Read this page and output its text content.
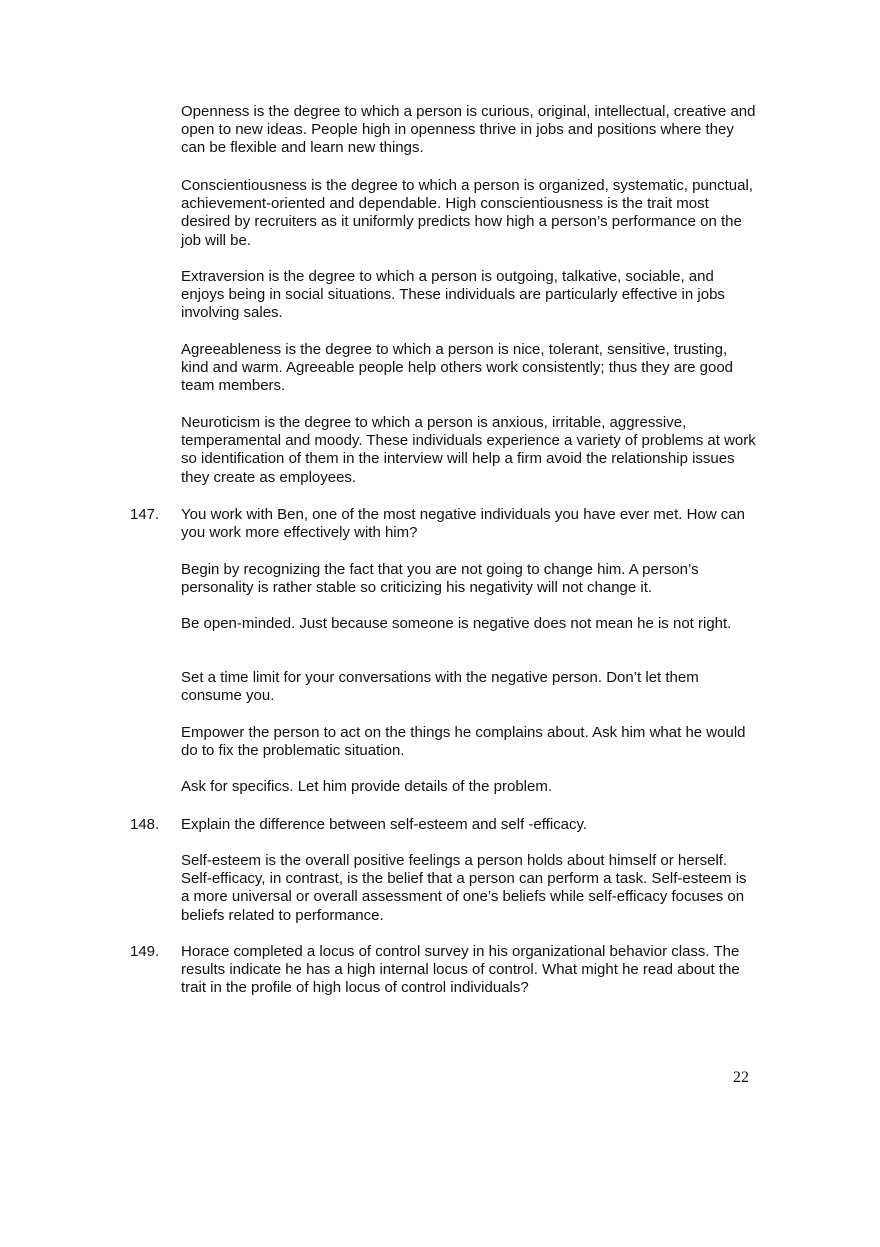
Openness is the degree to which a person is curious, original, intellectual, creative and open to new ideas. People high in openness thrive in jobs and positions where they can be flexible and learn new things.

Conscientiousness is the degree to which a person is organized, systematic, punctual, achievement-oriented and dependable. High conscientiousness is the trait most desired by recruiters as it uniformly predicts how high a person’s performance on the job will be.

Extraversion is the degree to which a person is outgoing, talkative, sociable, and enjoys being in social situations. These individuals are particularly effective in jobs involving sales.

Agreeableness is the degree to which a person is nice, tolerant, sensitive, trusting, kind and warm. Agreeable people help others work consistently; thus they are good team members.

Neuroticism is the degree to which a person is anxious, irritable, aggressive, temperamental and moody. These individuals experience a variety of problems at work so identification of them in the interview will help a firm avoid the relationship issues they create as employees.

147. You work with Ben, one of the most negative individuals you have ever met. How can you work more effectively with him?

Begin by recognizing the fact that you are not going to change him. A person’s personality is rather stable so criticizing his negativity will not change it.

Be open-minded. Just because someone is negative does not mean he is not right.

Set a time limit for your conversations with the negative person. Don’t let them consume you.

Empower the person to act on the things he complains about. Ask him what he would do to fix the problematic situation.

Ask for specifics. Let him provide details of the problem.

148. Explain the difference between self-esteem and self -efficacy.

Self-esteem is the overall positive feelings a person holds about himself or herself. Self-efficacy, in contrast, is the belief that a person can perform a task. Self-esteem is a more universal or overall assessment of one’s beliefs while self-efficacy focuses on beliefs related to performance.

149. Horace completed a locus of control survey in his organizational behavior class. The results indicate he has a high internal locus of control. What might he read about the trait in the profile of high locus of control individuals?

22
